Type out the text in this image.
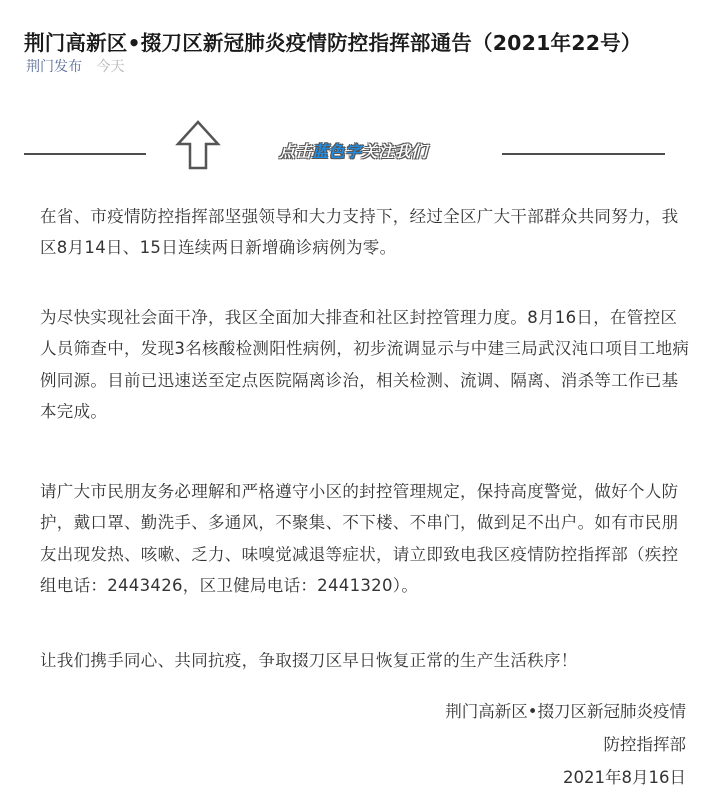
荆门高新区•掇刀区新冠肺炎疫情防控指挥部通告（2021年22号）
荆门发布 今天
点击蓝色字关注我们

在省、市疫情防控指挥部坚强领导和大力支持下，经过全区广大干部群众共同努力，我区8月14日、15日连续两日新增确诊病例为零。

为尽快实现社会面干净，我区全面加大排查和社区封控管理力度。8月16日，在管控区人员筛查中，发现3名核酸检测阳性病例，初步流调显示与中建三局武汉沌口项目工地病例同源。目前已迅速送至定点医院隔离诊治，相关检测、流调、隔离、消杀等工作已基本完成。

请广大市民朋友务必理解和严格遵守小区的封控管理规定，保持高度警觉，做好个人防护，戴口罩、勤洗手、多通风，不聚集、不下楼、不串门，做到足不出户。如有市民朋友出现发热、咳嗽、乏力、味嗅觉减退等症状，请立即致电我区疫情防控指挥部（疾控组电话：2443426，区卫健局电话：2441320）。

让我们携手同心、共同抗疫，争取掇刀区早日恢复正常的生产生活秩序！

荆门高新区•掇刀区新冠肺炎疫情
防控指挥部
2021年8月16日
